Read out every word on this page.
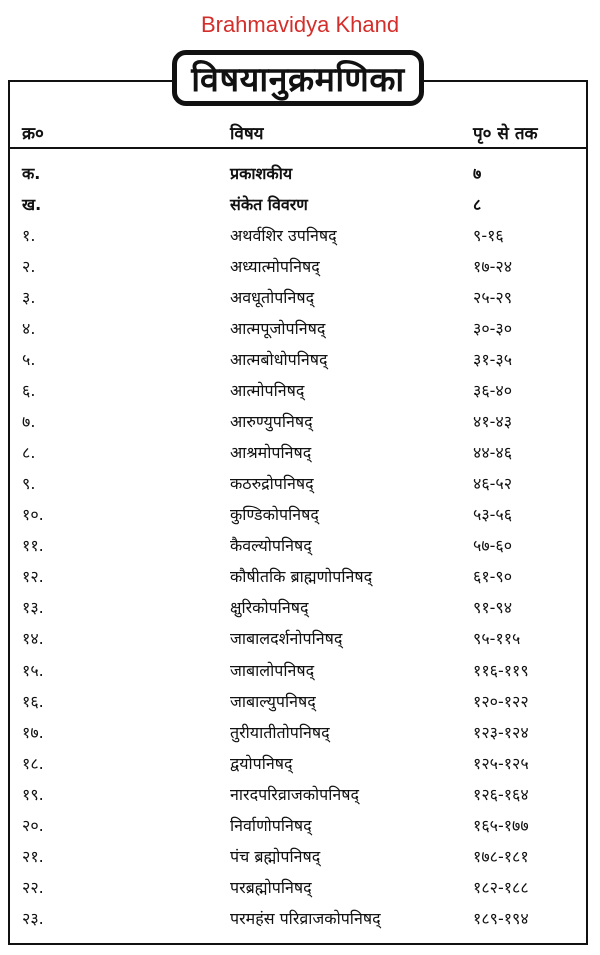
Brahmavidya Khand
विषयानुक्रमणिका
क्र०	विषय	पृ० से तक
क.	प्रकाशकीय	७
ख.	संकेत विवरण	८
१.	अथर्वशिर उपनिषद्	९-१६
२.	अध्यात्मोपनिषद्	१७-२४
३.	अवधूतोपनिषद्	२५-२९
४.	आत्मपूजोपनिषद्	३०-३०
५.	आत्मबोधोपनिषद्	३१-३५
६.	आत्मोपनिषद्	३६-४०
७.	आरुण्युपनिषद्	४१-४३
८.	आश्रमोपनिषद्	४४-४६
९.	कठरुद्रोपनिषद्	४६-५२
१०.	कुण्डिकोपनिषद्	५३-५६
११.	कैवल्योपनिषद्	५७-६०
१२.	कौषीतकि ब्राह्मणोपनिषद्	६१-९०
१३.	क्षुरिकोपनिषद्	९१-९४
१४.	जाबालदर्शनोपनिषद्	९५-११५
१५.	जाबालोपनिषद्	११६-११९
१६.	जाबाल्युपनिषद्	१२०-१२२
१७.	तुरीयातीतोपनिषद्	१२३-१२४
१८.	द्वयोपनिषद्	१२५-१२५
१९.	नारदपरिव्राजकोपनिषद्	१२६-१६४
२०.	निर्वाणोपनिषद्	१६५-१७७
२१.	पंच ब्रह्मोपनिषद्	१७८-१८१
२२.	परब्रह्मोपनिषद्	१८२-१८८
२३.	परमहंस परिव्राजकोपनिषद्	१८९-१९४
